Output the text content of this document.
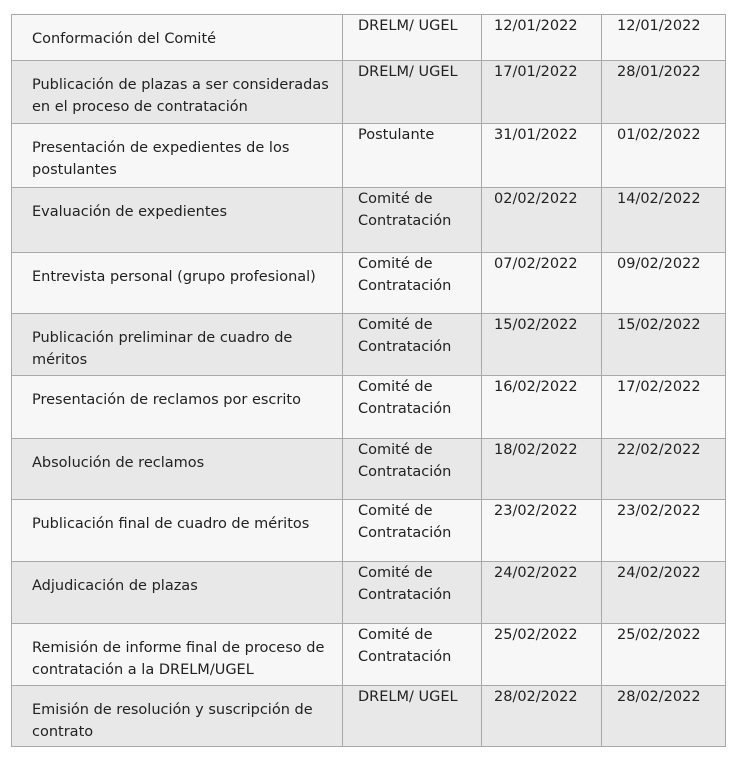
Conformación del Comité	DRELM/ UGEL	12/01/2022	12/01/2022

Publicación de plazas a ser consideradas en el proceso de contratación	DRELM/ UGEL	17/01/2022	28/01/2022

Presentación de expedientes de los postulantes	Postulante	31/01/2022	01/02/2022

Evaluación de expedientes	Comité de Contratación	02/02/2022	14/02/2022

Entrevista personal (grupo profesional)	Comité de Contratación	07/02/2022	09/02/2022

Publicación preliminar de cuadro de méritos	Comité de Contratación	15/02/2022	15/02/2022

Presentación de reclamos por escrito	Comité de Contratación	16/02/2022	17/02/2022

Absolución de reclamos	Comité de Contratación	18/02/2022	22/02/2022

Publicación final de cuadro de méritos	Comité de Contratación	23/02/2022	23/02/2022

Adjudicación de plazas	Comité de Contratación	24/02/2022	24/02/2022

Remisión de informe final de proceso de contratación a la DRELM/UGEL	Comité de Contratación	25/02/2022	25/02/2022

Emisión de resolución y suscripción de contrato	DRELM/ UGEL	28/02/2022	28/02/2022
